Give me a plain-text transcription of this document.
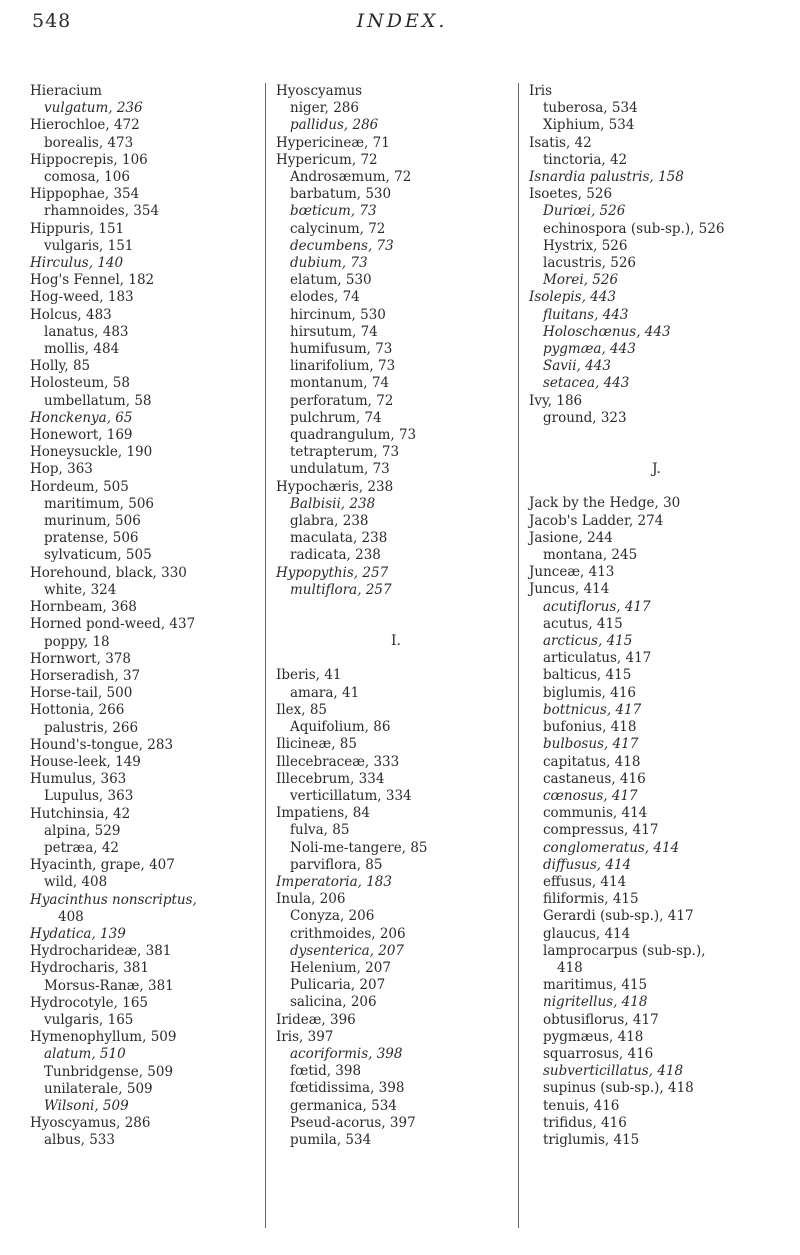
548	INDEX.
Hieracium
vulgatum, 236
Hierochloe, 472
borealis, 473
Hippocrepis, 106
comosa, 106
Hippophae, 354
rhamnoides, 354
Hippuris, 151
vulgaris, 151
Hirculus, 140
Hog's Fennel, 182
Hog-weed, 183
Holcus, 483
lanatus, 483
mollis, 484
Holly, 85
Holosteum, 58
umbellatum, 58
Honckenya, 65
Honewort, 169
Honeysuckle, 190
Hop, 363
Hordeum, 505
maritimum, 506
murinum, 506
pratense, 506
sylvaticum, 505
Horehound, black, 330
white, 324
Hornbeam, 368
Horned pond-weed, 437
poppy, 18
Hornwort, 378
Horseradish, 37
Horse-tail, 500
Hottonia, 266
palustris, 266
Hound's-tongue, 283
House-leek, 149
Humulus, 363
Lupulus, 363
Hutchinsia, 42
alpina, 529
petræa, 42
Hyacinth, grape, 407
wild, 408
Hyacinthus nonscriptus,
408
Hydatica, 139
Hydrocharideæ, 381
Hydrocharis, 381
Morsus-Ranæ, 381
Hydrocotyle, 165
vulgaris, 165
Hymenophyllum, 509
alatum, 510
Tunbridgense, 509
unilaterale, 509
Wilsoni, 509
Hyoscyamus, 286
albus, 533
Hyoscyamus
niger, 286
pallidus, 286
Hypericineæ, 71
Hypericum, 72
Androsæmum, 72
barbatum, 530
bœticum, 73
calycinum, 72
decumbens, 73
dubium, 73
elatum, 530
elodes, 74
hircinum, 530
hirsutum, 74
humifusum, 73
linarifolium, 73
montanum, 74
perforatum, 72
pulchrum, 74
quadrangulum, 73
tetrapterum, 73
undulatum, 73
Hypochæris, 238
Balbisii, 238
glabra, 238
maculata, 238
radicata, 238
Hypopythis, 257
multiflora, 257
I.
Iberis, 41
amara, 41
Ilex, 85
Aquifolium, 86
Ilicineæ, 85
Illecebraceæ, 333
Illecebrum, 334
verticillatum, 334
Impatiens, 84
fulva, 85
Noli-me-tangere, 85
parviflora, 85
Imperatoria, 183
Inula, 206
Conyza, 206
crithmoides, 206
dysenterica, 207
Helenium, 207
Pulicaria, 207
salicina, 206
Irideæ, 396
Iris, 397
acoriformis, 398
fœtid, 398
fœtidissima, 398
germanica, 534
Pseud-acorus, 397
pumila, 534
Iris
tuberosa, 534
Xiphium, 534
Isatis, 42
tinctoria, 42
Isnardia palustris, 158
Isoetes, 526
Duriœi, 526
echinospora (sub-sp.), 526
Hystrix, 526
lacustris, 526
Morei, 526
Isolepis, 443
fluitans, 443
Holoschœnus, 443
pygmæa, 443
Savii, 443
setacea, 443
Ivy, 186
ground, 323
J.
Jack by the Hedge, 30
Jacob's Ladder, 274
Jasione, 244
montana, 245
Junceæ, 413
Juncus, 414
acutiflorus, 417
acutus, 415
arcticus, 415
articulatus, 417
balticus, 415
biglumis, 416
bottnicus, 417
bufonius, 418
bulbosus, 417
capitatus, 418
castaneus, 416
cœnosus, 417
communis, 414
compressus, 417
conglomeratus, 414
diffusus, 414
effusus, 414
filiformis, 415
Gerardi (sub-sp.), 417
glaucus, 414
lamprocarpus (sub-sp.),
418
maritimus, 415
nigritellus, 418
obtusiflorus, 417
pygmæus, 418
squarrosus, 416
subverticillatus, 418
supinus (sub-sp.), 418
tenuis, 416
trifidus, 416
triglumis, 415
